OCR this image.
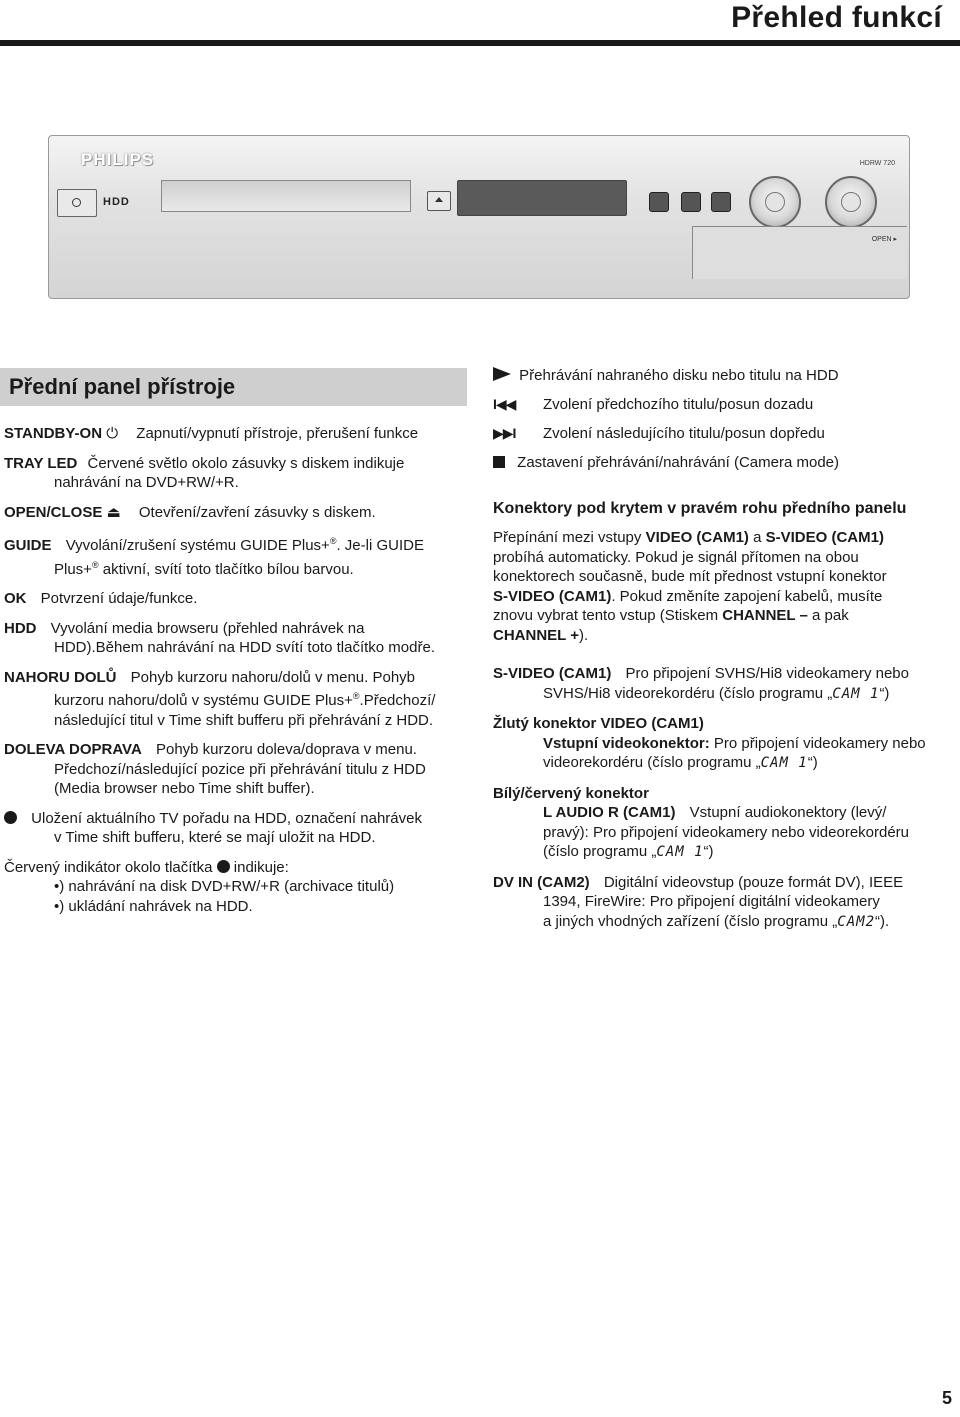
Přehled funkcí
PHILIPS	HDRW 720
HDD
OPEN ▸
Přední panel přístroje

STANDBY-ON ⏻ Zapnutí/vypnutí přístroje, přerušení funkce

TRAY LED Červené světlo okolo zásuvky s diskem indikuje

nahrávání na DVD+RW/+R.

OPEN/CLOSE ⏏ Otevření/zavření zásuvky s diskem.

GUIDE Vyvolání/zrušení systému GUIDE Plus+®. Je-li GUIDE

Plus+® aktivní, svítí toto tlačítko bílou barvou.

OK Potvrzení údaje/funkce.

HDD Vyvolání media browseru (přehled nahrávek na

HDD).Během nahrávání na HDD svítí toto tlačítko modře.

NAHORU DOLŮ Pohyb kurzoru nahoru/dolů v menu. Pohyb

kurzoru nahoru/dolů v systému GUIDE Plus+®.Předchozí/

následující titul v Time shift bufferu při přehrávání z HDD.

DOLEVA DOPRAVA Pohyb kurzoru doleva/doprava v menu.

Předchozí/následující pozice při přehrávání titulu z HDD

(Media browser nebo Time shift buffer).

Uložení aktuálního TV pořadu na HDD, označení nahrávek

v Time shift bufferu, které se mají uložit na HDD.

Červený indikátor okolo tlačítka indikuje:

•) nahrávání na disk DVD+RW/+R (archivace titulů)

•) ukládání nahrávek na HDD.

Přehrávání nahraného disku nebo titulu na HDD

I◀◀ Zvolení předchozího titulu/posun dozadu

▶▶I Zvolení následujícího titulu/posun dopředu

Zastavení přehrávání/nahrávání (Camera mode)

Konektory pod krytem v pravém rohu předního panelu

Přepínání mezi vstupy VIDEO (CAM1) a S-VIDEO (CAM1)

probíhá automaticky. Pokud je signál přítomen na obou

konektorech současně, bude mít přednost vstupní konektor

S-VIDEO (CAM1). Pokud změníte zapojení kabelů, musíte

znovu vybrat tento vstup (Stiskem CHANNEL – a pak

CHANNEL +).

S-VIDEO (CAM1) Pro připojení SVHS/Hi8 videokamery nebo

SVHS/Hi8 videorekordéru (číslo programu „CAM 1“)

Žlutý konektor VIDEO (CAM1)

Vstupní videokonektor: Pro připojení videokamery nebo

videorekordéru (číslo programu „CAM 1“)

Bílý/červený konektor

L AUDIO R (CAM1) Vstupní audiokonektory (levý/

pravý): Pro připojení videokamery nebo videorekordéru

(číslo programu „CAM 1“)

DV IN (CAM2) Digitální videovstup (pouze formát DV), IEEE

1394, FireWire: Pro připojení digitální videokamery

a jiných vhodných zařízení (číslo programu „CAM2“).

5
